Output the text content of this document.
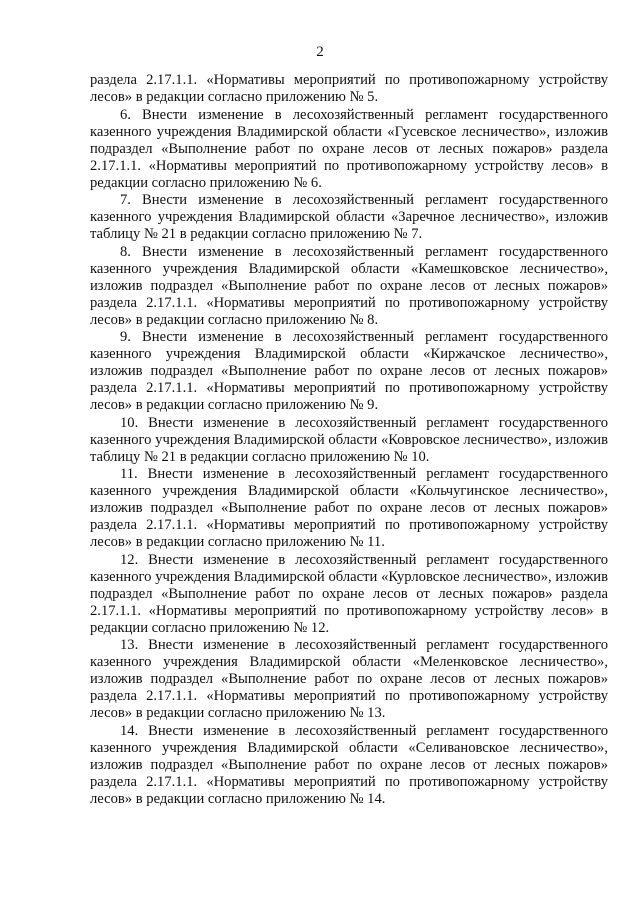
2

раздела 2.17.1.1. «Нормативы мероприятий по противопожарному устройству лесов» в редакции согласно приложению № 5.

6. Внести изменение в лесохозяйственный регламент государственного казенного учреждения Владимирской области «Гусевское лесничество», изложив подраздел «Выполнение работ по охране лесов от лесных пожаров» раздела 2.17.1.1. «Нормативы мероприятий по противопожарному устройству лесов» в редакции согласно приложению № 6.

7. Внести изменение в лесохозяйственный регламент государственного казенного учреждения Владимирской области «Заречное лесничество», изложив таблицу № 21 в редакции согласно приложению № 7.

8. Внести изменение в лесохозяйственный регламент государственного казенного учреждения Владимирской области «Камешковское лесничество», изложив подраздел «Выполнение работ по охране лесов от лесных пожаров» раздела 2.17.1.1. «Нормативы мероприятий по противопожарному устройству лесов» в редакции согласно приложению № 8.

9. Внести изменение в лесохозяйственный регламент государственного казенного учреждения Владимирской области «Киржачское лесничество», изложив подраздел «Выполнение работ по охране лесов от лесных пожаров» раздела 2.17.1.1. «Нормативы мероприятий по противопожарному устройству лесов» в редакции согласно приложению № 9.

10. Внести изменение в лесохозяйственный регламент государственного казенного учреждения Владимирской области «Ковровское лесничество», изложив таблицу № 21 в редакции согласно приложению № 10.

11. Внести изменение в лесохозяйственный регламент государственного казенного учреждения Владимирской области «Кольчугинское лесничество», изложив подраздел «Выполнение работ по охране лесов от лесных пожаров» раздела 2.17.1.1. «Нормативы мероприятий по противопожарному устройству лесов» в редакции согласно приложению № 11.

12. Внести изменение в лесохозяйственный регламент государственного казенного учреждения Владимирской области «Курловское лесничество», изложив подраздел «Выполнение работ по охране лесов от лесных пожаров» раздела 2.17.1.1. «Нормативы мероприятий по противопожарному устройству лесов» в редакции согласно приложению № 12.

13. Внести изменение в лесохозяйственный регламент государственного казенного учреждения Владимирской области «Меленковское лесничество», изложив подраздел «Выполнение работ по охране лесов от лесных пожаров» раздела 2.17.1.1. «Нормативы мероприятий по противопожарному устройству лесов» в редакции согласно приложению № 13.

14. Внести изменение в лесохозяйственный регламент государственного казенного учреждения Владимирской области «Селивановское лесничество», изложив подраздел «Выполнение работ по охране лесов от лесных пожаров» раздела 2.17.1.1. «Нормативы мероприятий по противопожарному устройству лесов» в редакции согласно приложению № 14.
